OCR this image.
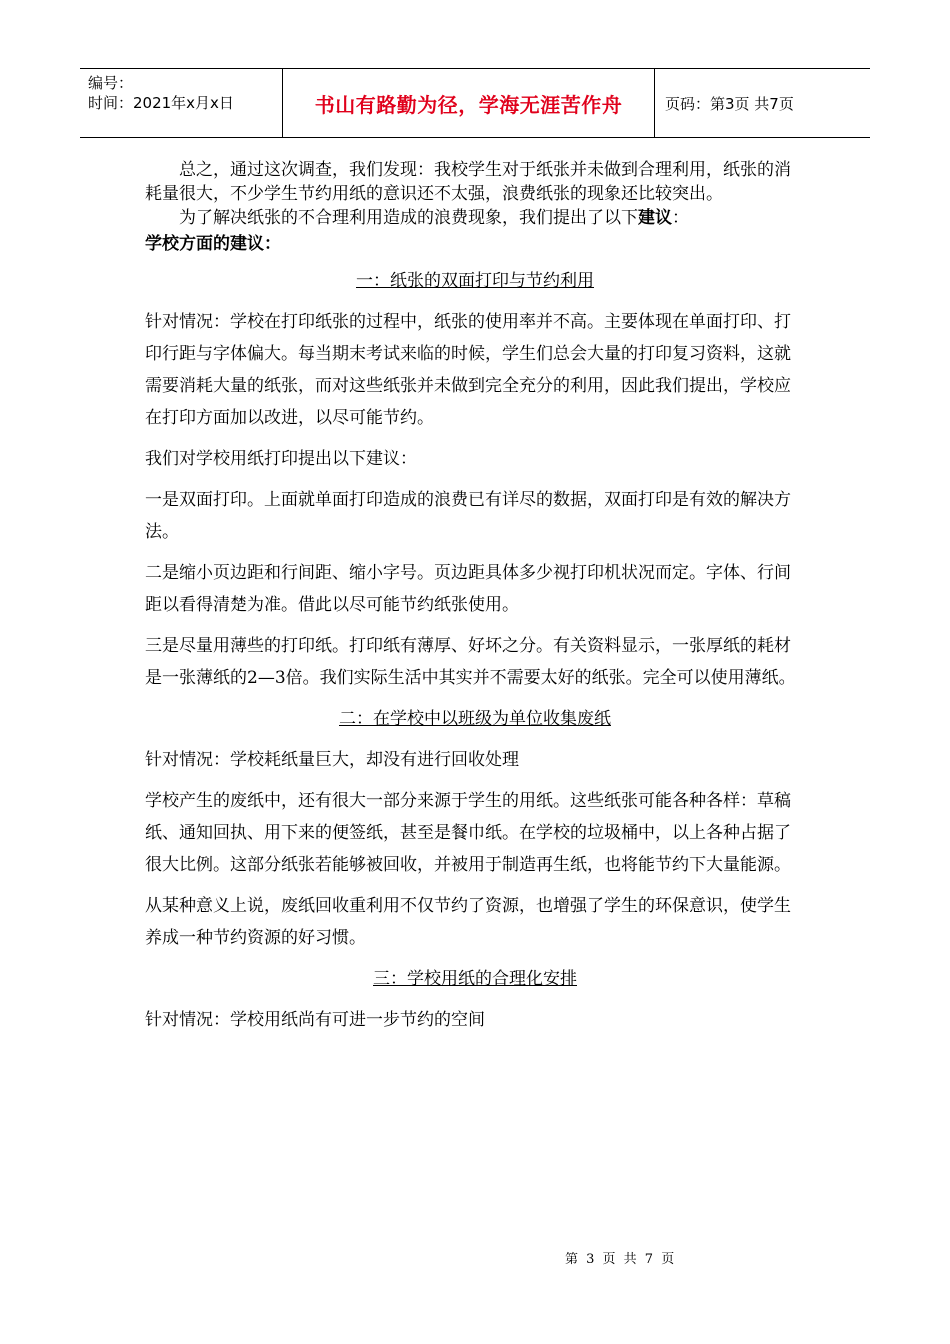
编号：
时间：2021年x月x日	书山有路勤为径，学海无涯苦作舟	页码：第3页 共7页

总之，通过这次调查，我们发现：我校学生对于纸张并未做到合理利用，纸张的消耗量很大，不少学生节约用纸的意识还不太强，浪费纸张的现象还比较突出。

为了解决纸张的不合理利用造成的浪费现象，我们提出了以下建议：

学校方面的建议：

一：纸张的双面打印与节约利用

针对情况：学校在打印纸张的过程中，纸张的使用率并不高。主要体现在单面打印、打印行距与字体偏大。每当期末考试来临的时候，学生们总会大量的打印复习资料，这就需要消耗大量的纸张，而对这些纸张并未做到完全充分的利用，因此我们提出，学校应在打印方面加以改进，以尽可能节约。

我们对学校用纸打印提出以下建议：

一是双面打印。上面就单面打印造成的浪费已有详尽的数据，双面打印是有效的解决方法。

二是缩小页边距和行间距、缩小字号。页边距具体多少视打印机状况而定。字体、行间距以看得清楚为准。借此以尽可能节约纸张使用。

三是尽量用薄些的打印纸。打印纸有薄厚、好坏之分。有关资料显示，一张厚纸的耗材是一张薄纸的2—3倍。我们实际生活中其实并不需要太好的纸张。完全可以使用薄纸。

二：在学校中以班级为单位收集废纸

针对情况：学校耗纸量巨大，却没有进行回收处理

学校产生的废纸中，还有很大一部分来源于学生的用纸。这些纸张可能各种各样：草稿纸、通知回执、用下来的便签纸，甚至是餐巾纸。在学校的垃圾桶中，以上各种占据了很大比例。这部分纸张若能够被回收，并被用于制造再生纸，也将能节约下大量能源。

从某种意义上说，废纸回收重利用不仅节约了资源，也增强了学生的环保意识，使学生养成一种节约资源的好习惯。

三：学校用纸的合理化安排

针对情况：学校用纸尚有可进一步节约的空间

第 3 页 共 7 页
